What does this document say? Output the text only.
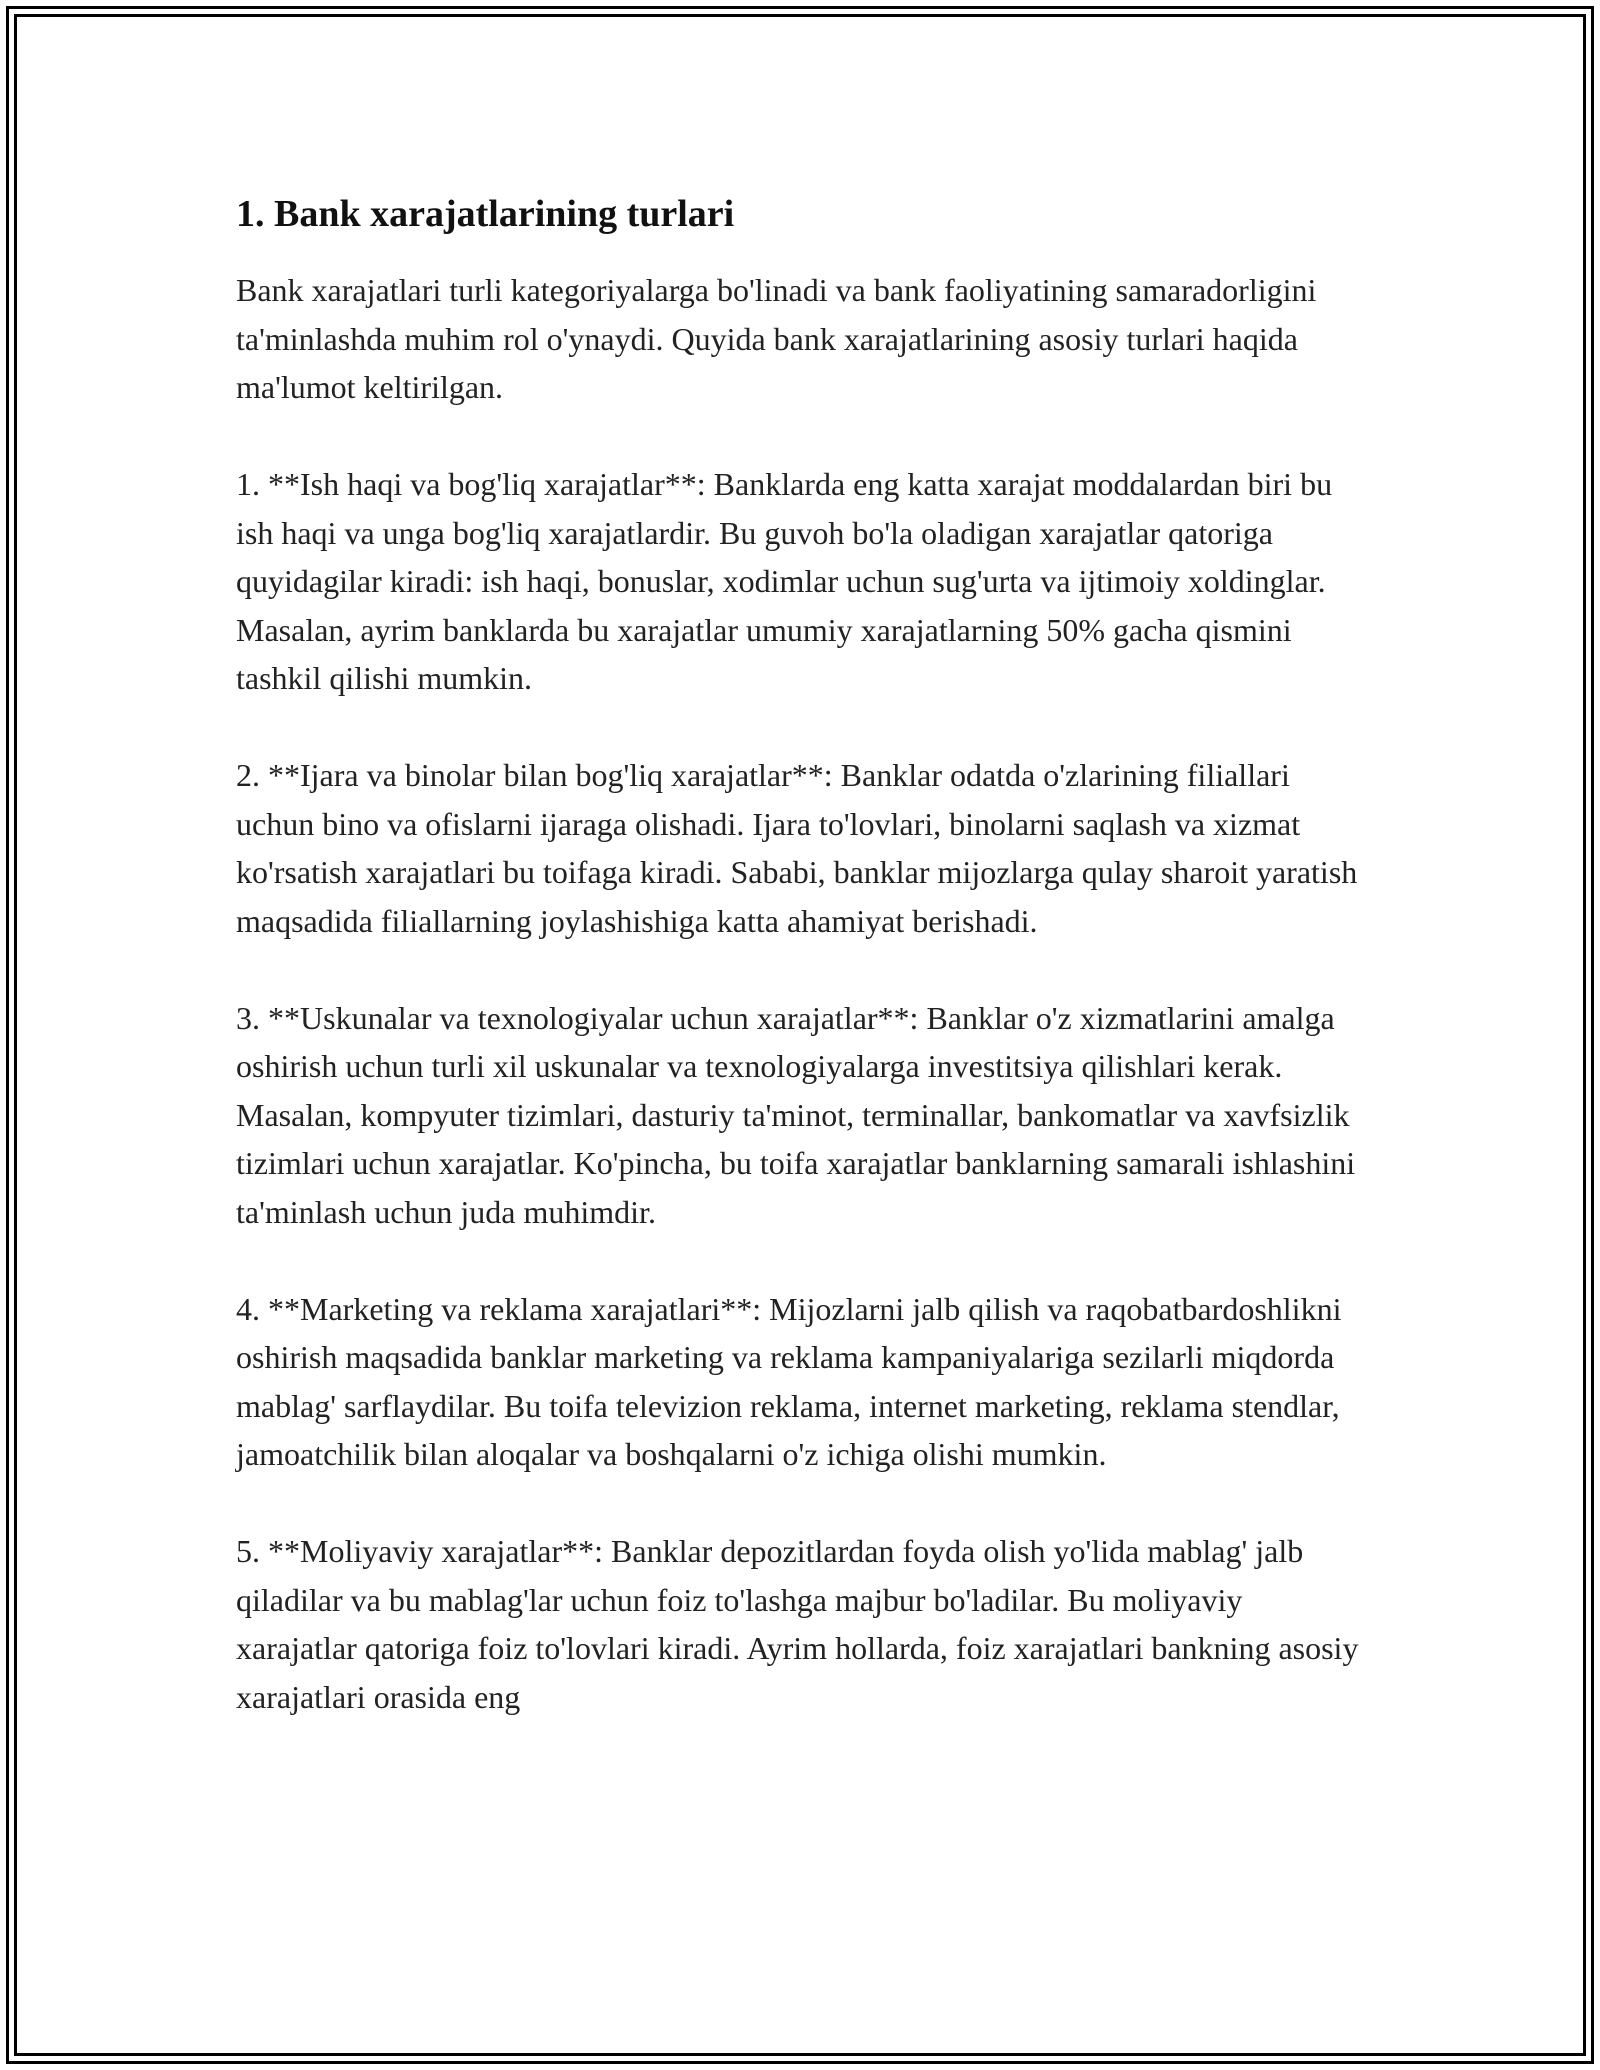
1. Bank xarajatlarining turlari

Bank xarajatlari turli kategoriyalarga bo'linadi va bank faoliyatining samaradorligini ta'minlashda muhim rol o'ynaydi. Quyida bank xarajatlarining asosiy turlari haqida ma'lumot keltirilgan.

1. **Ish haqi va bog'liq xarajatlar**: Banklarda eng katta xarajat moddalardan biri bu ish haqi va unga bog'liq xarajatlardir. Bu guvoh bo'la oladigan xarajatlar qatoriga quyidagilar kiradi: ish haqi, bonuslar, xodimlar uchun sug'urta va ijtimoiy xoldinglar. Masalan, ayrim banklarda bu xarajatlar umumiy xarajatlarning 50% gacha qismini tashkil qilishi mumkin.

2. **Ijara va binolar bilan bog'liq xarajatlar**: Banklar odatda o'zlarining filiallari uchun bino va ofislarni ijaraga olishadi. Ijara to'lovlari, binolarni saqlash va xizmat ko'rsatish xarajatlari bu toifaga kiradi. Sababi, banklar mijozlarga qulay sharoit yaratish maqsadida filiallarning joylashishiga katta ahamiyat berishadi.

3. **Uskunalar va texnologiyalar uchun xarajatlar**: Banklar o'z xizmatlarini amalga oshirish uchun turli xil uskunalar va texnologiyalarga investitsiya qilishlari kerak. Masalan, kompyuter tizimlari, dasturiy ta'minot, terminallar, bankomatlar va xavfsizlik tizimlari uchun xarajatlar. Ko'pincha, bu toifa xarajatlar banklarning samarali ishlashini ta'minlash uchun juda muhimdir.

4. **Marketing va reklama xarajatlari**: Mijozlarni jalb qilish va raqobatbardoshlikni oshirish maqsadida banklar marketing va reklama kampaniyalariga sezilarli miqdorda mablag' sarflaydilar. Bu toifa televizion reklama, internet marketing, reklama stendlar, jamoatchilik bilan aloqalar va boshqalarni o'z ichiga olishi mumkin.

5. **Moliyaviy xarajatlar**: Banklar depozitlardan foyda olish yo'lida mablag' jalb qiladilar va bu mablag'lar uchun foiz to'lashga majbur bo'ladilar. Bu moliyaviy xarajatlar qatoriga foiz to'lovlari kiradi. Ayrim hollarda, foiz xarajatlari bankning asosiy xarajatlari orasida eng
